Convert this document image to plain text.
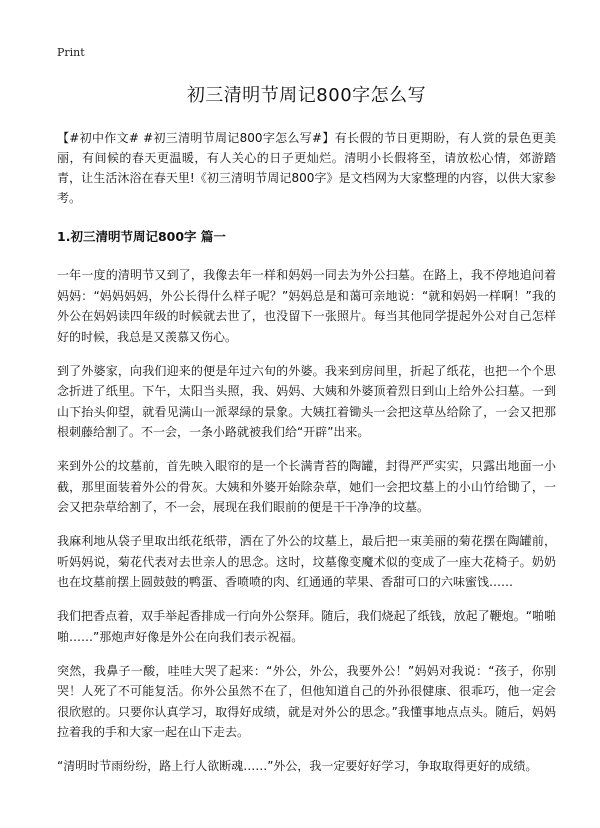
Print
初三清明节周记800字怎么写

【#初中作文# #初三清明节周记800字怎么写#】有长假的节日更期盼，有人赏的景色更美丽，有间候的春天更温暖，有人关心的日子更灿烂。清明小长假将至，请放松心情，郊游踏青，让生活沐浴在春天里!《初三清明节周记800字》是文档网为大家整理的内容，以供大家参考。

1.初三清明节周记800字 篇一

一年一度的清明节又到了，我像去年一样和妈妈一同去为外公扫墓。在路上，我不停地追问着妈妈：“妈妈妈妈，外公长得什么样子呢？”妈妈总是和蔼可亲地说：“就和妈妈一样啊！”我的外公在妈妈读四年级的时候就去世了，也没留下一张照片。每当其他同学提起外公对自己怎样好的时候，我总是又羡慕又伤心。

到了外婆家，向我们迎来的便是年过六旬的外婆。我来到房间里，折起了纸花，也把一个个思念折进了纸里。下午，太阳当头照，我、妈妈、大姨和外婆顶着烈日到山上给外公扫墓。一到山下抬头仰望，就看见满山一派翠绿的景象。大姨扛着锄头一会把这草丛给除了，一会又把那根刺藤给割了。不一会，一条小路就被我们给“开辟”出来。

来到外公的坟墓前，首先映入眼帘的是一个长满青苔的陶罐，封得严严实实，只露出地面一小截，那里面装着外公的骨灰。大姨和外婆开始除杂草，她们一会把坟墓上的小山竹给锄了，一会又把杂草给割了，不一会，展现在我们眼前的便是干干净净的坟墓。

我麻利地从袋子里取出纸花纸带，洒在了外公的坟墓上，最后把一束美丽的菊花摆在陶罐前，听妈妈说，菊花代表对去世亲人的思念。这时，坟墓像变魔术似的变成了一座大花椅子。奶奶也在坟墓前摆上圆鼓鼓的鸭蛋、香喷喷的肉、红通通的苹果、香甜可口的六味蜜饯……

我们把香点着，双手举起香排成一行向外公祭拜。随后，我们烧起了纸钱，放起了鞭炮。“啪啪啪……”那炮声好像是外公在向我们表示祝福。

突然，我鼻子一酸，哇哇大哭了起来：“外公，外公，我要外公！”妈妈对我说：“孩子，你别哭！人死了不可能复活。你外公虽然不在了，但他知道自己的外孙很健康、很乖巧，他一定会很欣慰的。只要你认真学习，取得好成绩，就是对外公的思念。”我懂事地点点头。随后，妈妈拉着我的手和大家一起在山下走去。

“清明时节雨纷纷，路上行人欲断魂……”外公，我一定要好好学习，争取取得更好的成绩。
